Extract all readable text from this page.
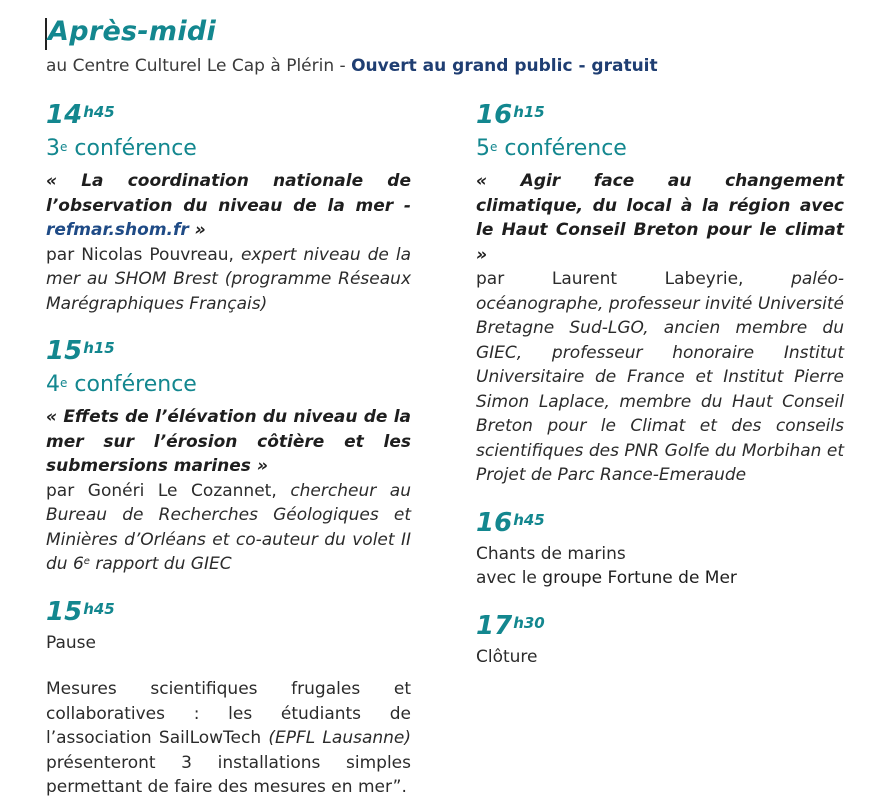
Après-midi
au Centre Culturel Le Cap à Plérin - Ouvert au grand public - gratuit
$14^{h45}$
3e conférence
« La coordination nationale de l’observation du niveau de la mer - refmar.shom.fr »
par Nicolas Pouvreau, expert niveau de la mer au SHOM Brest (programme Réseaux Marégraphiques Français)
$15^{h15}$
4e conférence
« Effets de l’élévation du niveau de la mer sur l’érosion côtière et les submersions marines »
par Gonéri Le Cozannet, chercheur au Bureau de Recherches Géologiques et Minières d’Orléans et co-auteur du volet II du 6e rapport du GIEC
$15^{h45}$
Pause
Mesures scientifiques frugales et collaboratives : les étudiants de l’association SailLowTech (EPFL Lausanne) présenteront 3 installations simples permettant de faire des mesures en mer”.
$16^{h15}$
5e conférence
« Agir face au changement climatique, du local à la région avec le Haut Conseil Breton pour le climat »
par Laurent Labeyrie, paléo-océanographe, professeur invité Université Bretagne Sud-LGO, ancien membre du GIEC, professeur honoraire Institut Universitaire de France et Institut Pierre Simon Laplace, membre du Haut Conseil Breton pour le Climat et des conseils scientifiques des PNR Golfe du Morbihan et Projet de Parc Rance-Emeraude
$16^{h45}$
Chants de marins
avec le groupe Fortune de Mer
$17^{h30}$
Clôture
